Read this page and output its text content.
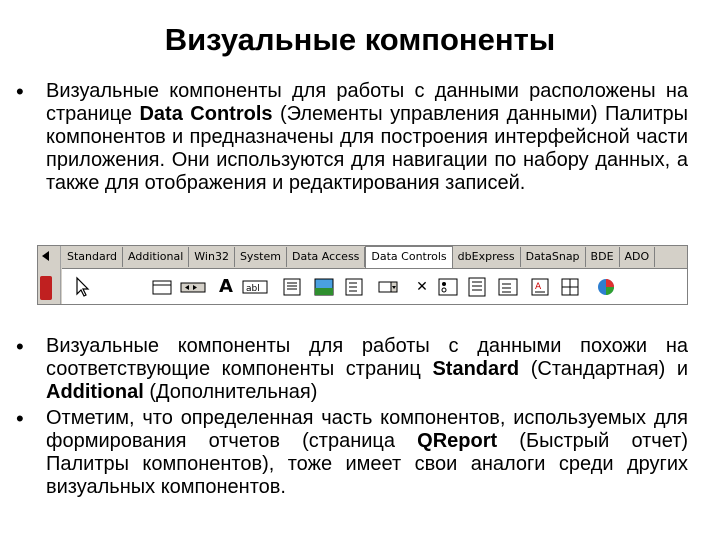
Визуальные компоненты
• Визуальные компоненты для работы с данными расположены на странице Data Controls (Элементы управления данными) Палитры компонентов и предназначены для построения интерфейсной части приложения. Они используются для навигации по набору данных, а также для отображения и редактирования записей.
Standard	Additional	Win32	System	Data Access	Data Controls	dbExpress	DataSnap	BDE	ADO
A	abl	✕	A
• Визуальные компоненты для работы с данными похожи на соответствующие компоненты страниц Standard (Стандартная) и Additional (Дополнительная)
• Отметим, что определенная часть компонентов, используемых для формирования отчетов (страница QReport (Быстрый отчет) Палитры компонентов), тоже имеет свои аналоги среди других визуальных компонентов.
